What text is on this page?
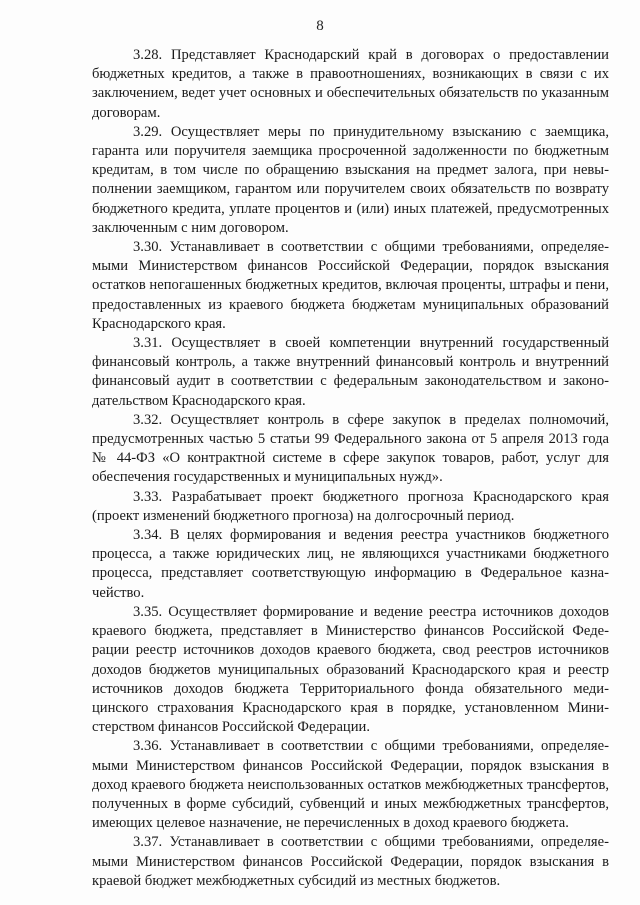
8

3.28. Представляет Краснодарский край в договорах о предоставлении бюджетных кредитов, а также в правоотношениях, возникающих в связи с их заключением, ведет учет основных и обеспечительных обязательств по указанным договорам.

3.29. Осуществляет меры по принудительному взысканию с заемщика, гаранта или поручителя заемщика просроченной задолженности по бюджетным кредитам, в том числе по обращению взыскания на предмет залога, при невыполнении заемщиком, гарантом или поручителем своих обязательств по возврату бюджетного кредита, уплате процентов и (или) иных платежей, предусмотренных заключенным с ним договором.

3.30. Устанавливает в соответствии с общими требованиями, определяемыми Министерством финансов Российской Федерации, порядок взыскания остатков непогашенных бюджетных кредитов, включая проценты, штрафы и пени, предоставленных из краевого бюджета бюджетам муниципальных образований Краснодарского края.

3.31. Осуществляет в своей компетенции внутренний государственный финансовый контроль, а также внутренний финансовый контроль и внутренний финансовый аудит в соответствии с федеральным законодательством и законодательством Краснодарского края.

3.32. Осуществляет контроль в сфере закупок в пределах полномочий, предусмотренных частью 5 статьи 99 Федерального закона от 5 апреля 2013 года № 44-ФЗ «О контрактной системе в сфере закупок товаров, работ, услуг для обеспечения государственных и муниципальных нужд».

3.33. Разрабатывает проект бюджетного прогноза Краснодарского края (проект изменений бюджетного прогноза) на долгосрочный период.

3.34. В целях формирования и ведения реестра участников бюджетного процесса, а также юридических лиц, не являющихся участниками бюджетного процесса, представляет соответствующую информацию в Федеральное казначейство.

3.35. Осуществляет формирование и ведение реестра источников доходов краевого бюджета, представляет в Министерство финансов Российской Федерации реестр источников доходов краевого бюджета, свод реестров источников доходов бюджетов муниципальных образований Краснодарского края и реестр источников доходов бюджета Территориального фонда обязательного медицинского страхования Краснодарского края в порядке, установленном Министерством финансов Российской Федерации.

3.36. Устанавливает в соответствии с общими требованиями, определяемыми Министерством финансов Российской Федерации, порядок взыскания в доход краевого бюджета неиспользованных остатков межбюджетных трансфертов, полученных в форме субсидий, субвенций и иных межбюджетных трансфертов, имеющих целевое назначение, не перечисленных в доход краевого бюджета.

3.37. Устанавливает в соответствии с общими требованиями, определяемыми Министерством финансов Российской Федерации, порядок взыскания в краевой бюджет межбюджетных субсидий из местных бюджетов.
